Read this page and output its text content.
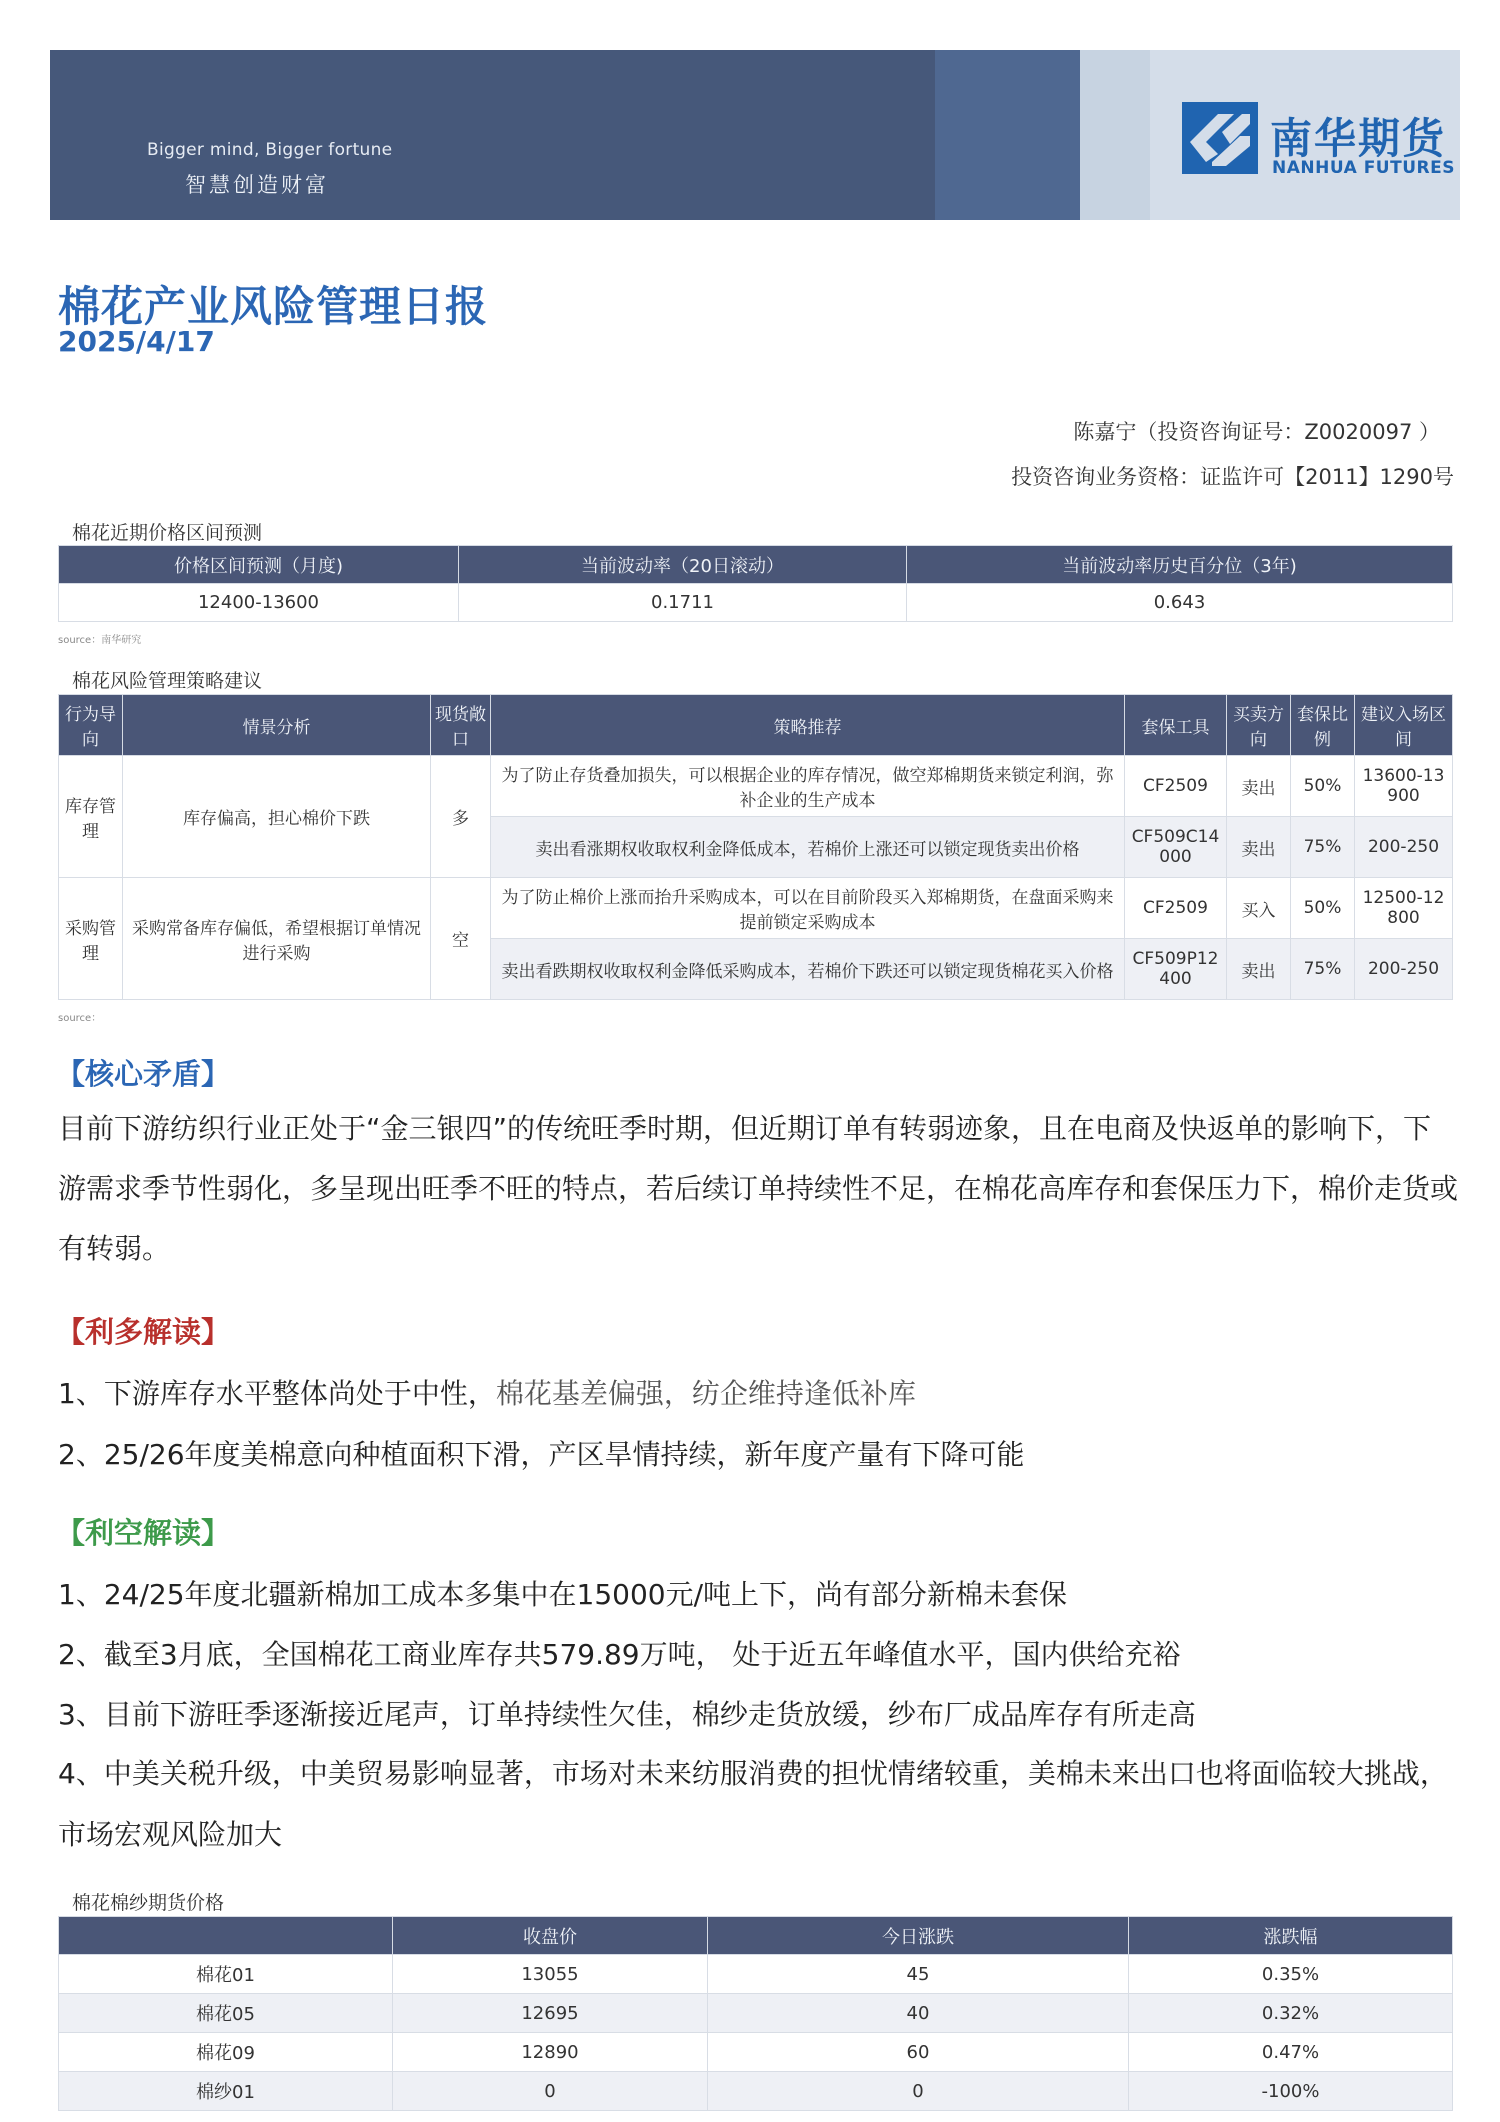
Bigger mind, Bigger fortune
智慧创造财富
南华期货
NANHUA FUTURES
棉花产业风险管理日报
2025/4/17
陈嘉宁（投资咨询证号：Z0020097 ）
投资咨询业务资格：证监许可【2011】1290号
棉花近期价格区间预测
价格区间预测（月度)	当前波动率（20日滚动）	当前波动率历史百分位（3年)
12400-13600	0.1711	0.643
source：南华研究
棉花风险管理策略建议
行为导向	情景分析	现货敞口	策略推荐	套保工具	买卖方向	套保比例	建议入场区间
库存管理	库存偏高，担心棉价下跌	多	为了防止存货叠加损失，可以根据企业的库存情况，做空郑棉期货来锁定利润，弥补企业的生产成本	CF2509	卖出	50%	13600-13900
			卖出看涨期权收取权利金降低成本，若棉价上涨还可以锁定现货卖出价格	CF509C14000	卖出	75%	200-250
采购管理	采购常备库存偏低，希望根据订单情况进行采购	空	为了防止棉价上涨而抬升采购成本，可以在目前阶段买入郑棉期货，在盘面采购来提前锁定采购成本	CF2509	买入	50%	12500-12800
			卖出看跌期权收取权利金降低采购成本，若棉价下跌还可以锁定现货棉花买入价格	CF509P12400	卖出	75%	200-250
source：
【核心矛盾】
目前下游纺织行业正处于“金三银四”的传统旺季时期，但近期订单有转弱迹象，且在电商及快返单的影响下，下游需求季节性弱化，多呈现出旺季不旺的特点，若后续订单持续性不足，在棉花高库存和套保压力下，棉价走货或有转弱。
【利多解读】
1、下游库存水平整体尚处于中性，棉花基差偏强，纺企维持逢低补库
2、25/26年度美棉意向种植面积下滑，产区旱情持续，新年度产量有下降可能
【利空解读】
1、24/25年度北疆新棉加工成本多集中在15000元/吨上下，尚有部分新棉未套保
2、截至3月底，全国棉花工商业库存共579.89万吨， 处于近五年峰值水平，国内供给充裕
3、目前下游旺季逐渐接近尾声，订单持续性欠佳，棉纱走货放缓，纱布厂成品库存有所走高
4、中美关税升级，中美贸易影响显著，市场对未来纺服消费的担忧情绪较重，美棉未来出口也将面临较大挑战，市场宏观风险加大
棉花棉纱期货价格
	收盘价	今日涨跌	涨跌幅
棉花01	13055	45	0.35%
棉花05	12695	40	0.32%
棉花09	12890	60	0.47%
棉纱01	0	0	-100%
